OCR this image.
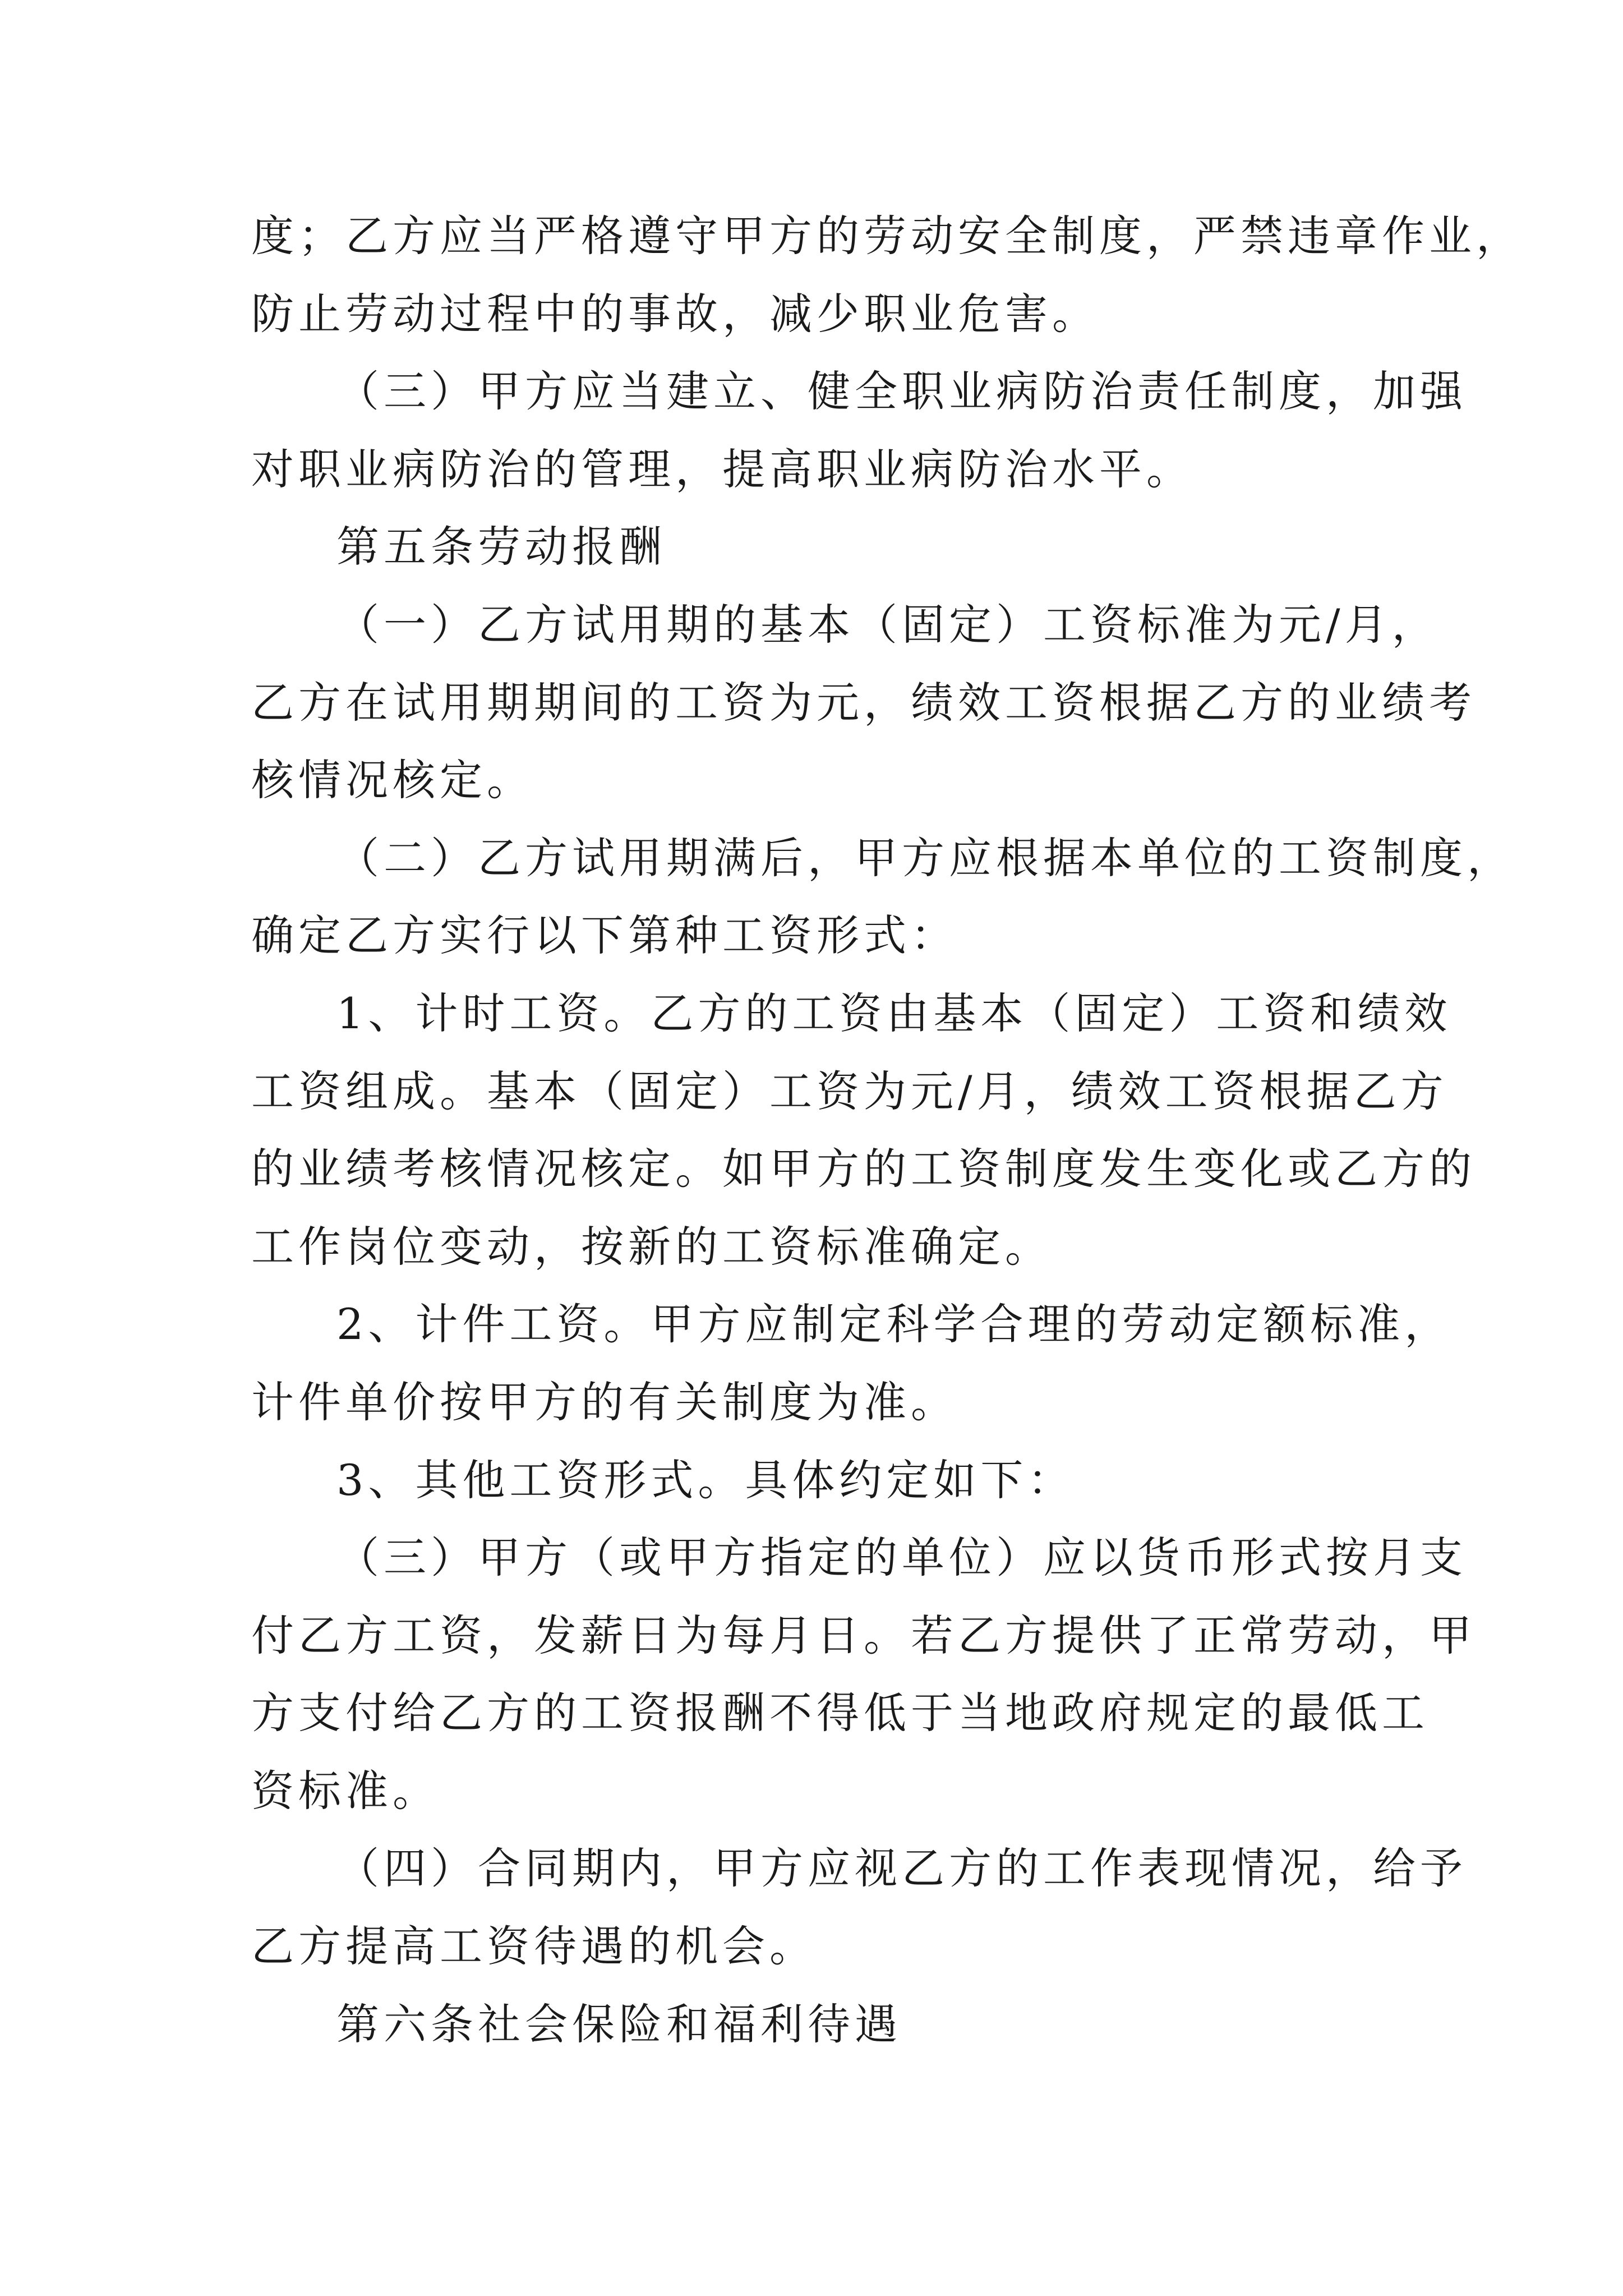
度；乙方应当严格遵守甲方的劳动安全制度，严禁违章作业，
防止劳动过程中的事故，减少职业危害。
（三）甲方应当建立、健全职业病防治责任制度，加强
对职业病防治的管理，提高职业病防治水平。
第五条劳动报酬
（一）乙方试用期的基本（固定）工资标准为元/月，
乙方在试用期期间的工资为元，绩效工资根据乙方的业绩考
核情况核定。
（二）乙方试用期满后，甲方应根据本单位的工资制度，
确定乙方实行以下第种工资形式：
1、计时工资。乙方的工资由基本（固定）工资和绩效
工资组成。基本（固定）工资为元/月，绩效工资根据乙方
的业绩考核情况核定。如甲方的工资制度发生变化或乙方的
工作岗位变动，按新的工资标准确定。
2、计件工资。甲方应制定科学合理的劳动定额标准，
计件单价按甲方的有关制度为准。
3、其他工资形式。具体约定如下：
（三）甲方（或甲方指定的单位）应以货币形式按月支
付乙方工资，发薪日为每月日。若乙方提供了正常劳动，甲
方支付给乙方的工资报酬不得低于当地政府规定的最低工
资标准。
（四）合同期内，甲方应视乙方的工作表现情况，给予
乙方提高工资待遇的机会。
第六条社会保险和福利待遇
